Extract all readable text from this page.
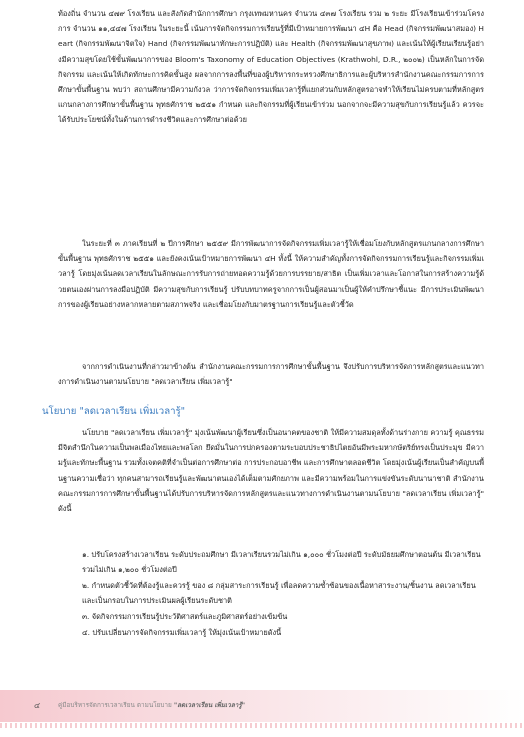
ท้องถิ่น จำนวน ๔๗๙ โรงเรียน และสังกัดสำนักการศึกษา กรุงเทพมหานคร จำนวน ๔๓๗ โรงเรียน รวม ๒ ระยะ มีโรงเรียนเข้าร่วมโครงการ จำนวน ๑๑,๔๔๗ โรงเรียน ในระยะนี้ เน้นการจัดกิจกรรมการเรียนรู้ที่มีเป้าหมายการพัฒนา ๔H คือ Head (กิจกรรมพัฒนาสมอง) Heart (กิจกรรมพัฒนาจิตใจ) Hand (กิจกรรมพัฒนาทักษะการปฏิบัติ) และ Health (กิจกรรมพัฒนาสุขภาพ) และเน้นให้ผู้เรียนเรียนรู้อย่างมีความสุขโดยใช้ขั้นพัฒนาการของ Bloom's Taxonomy of Education Objectives (Krathwohl, D.R., ๒๐๐๒) เป็นหลักในการจัดกิจกรรม และเน้นให้เกิดทักษะการคิดขั้นสูง ผลจากการลงพื้นที่ของผู้บริหารกระทรวงศึกษาธิการและผู้บริหารสำนักงานคณะกรรมการการศึกษาขั้นพื้นฐาน พบว่า สถานศึกษามีความกังวล ว่าการจัดกิจกรรมเพิ่มเวลารู้ที่แยกส่วนกับหลักสูตรอาจทำให้เรียนไม่ครบตามที่หลักสูตรแกนกลางการศึกษาขั้นพื้นฐาน พุทธศักราช ๒๕๕๑ กำหนด และกิจกรรมที่ผู้เรียนเข้าร่วม นอกจากจะมีความสุขกับการเรียนรู้แล้ว ควรจะได้รับประโยชน์ทั้งในด้านการดำรงชีวิตและการศึกษาต่อด้วย
ในระยะที่ ๓ ภาคเรียนที่ ๒ ปีการศึกษา ๒๕๕๙ มีการพัฒนาการจัดกิจกรรมเพิ่มเวลารู้ให้เชื่อมโยงกับหลักสูตรแกนกลางการศึกษาขั้นพื้นฐาน พุทธศักราช ๒๕๕๑ และยังคงเน้นเป้าหมายการพัฒนา ๔H ทั้งนี้ ให้ความสำคัญทั้งการจัดกิจกรรมการเรียนรู้และกิจกรรมเพิ่มเวลารู้ โดยมุ่งเน้นลดเวลาเรียนในลักษณะการรับการถ่ายทอดความรู้ด้วยการบรรยาย/สาธิต เป็นเพิ่มเวลาและโอกาสในการสร้างความรู้ด้วยตนเองผ่านการลงมือปฏิบัติ มีความสุขกับการเรียนรู้ ปรับบทบาทครูจากการเป็นผู้สอนมาเป็นผู้ให้คำปรึกษาชี้แนะ มีการประเมินพัฒนาการของผู้เรียนอย่างหลากหลายตามสภาพจริง และเชื่อมโยงกับมาตรฐานการเรียนรู้และตัวชี้วัด
จากการดำเนินงานที่กล่าวมาข้างต้น สำนักงานคณะกรรมการการศึกษาขั้นพื้นฐาน จึงปรับการบริหารจัดการหลักสูตรและแนวทางการดำเนินงานตามนโยบาย "ลดเวลาเรียน เพิ่มเวลารู้"
นโยบาย "ลดเวลาเรียน เพิ่มเวลารู้"
นโยบาย "ลดเวลาเรียน เพิ่มเวลารู้" มุ่งเน้นพัฒนาผู้เรียนซึ่งเป็นอนาคตของชาติ ให้มีความสมดุลทั้งด้านร่างกาย ความรู้ คุณธรรม มีจิตสำนึกในความเป็นพลเมืองไทยและพลโลก ยึดมั่นในการปกครองตามระบอบประชาธิปไตยอันมีพระมหากษัตริย์ทรงเป็นประมุข มีความรู้และทักษะพื้นฐาน รวมทั้งเจตคติที่จำเป็นต่อการศึกษาต่อ การประกอบอาชีพ และการศึกษาตลอดชีวิต โดยมุ่งเน้นผู้เรียนเป็นสำคัญบนพื้นฐานความเชื่อว่า ทุกคนสามารถเรียนรู้และพัฒนาตนเองได้เต็มตามศักยภาพ และมีความพร้อมในการแข่งขันระดับนานาชาติ สำนักงานคณะกรรมการการศึกษาขั้นพื้นฐานได้ปรับการบริหารจัดการหลักสูตรและแนวทางการดำเนินงานตามนโยบาย "ลดเวลาเรียน เพิ่มเวลารู้" ดังนี้
๑. ปรับโครงสร้างเวลาเรียน ระดับประถมศึกษา มีเวลาเรียนรวมไม่เกิน ๑,๐๐๐ ชั่วโมงต่อปี ระดับมัธยมศึกษาตอนต้น มีเวลาเรียนรวมไม่เกิน ๑,๒๐๐ ชั่วโมงต่อปี
๒. กำหนดตัวชี้วัดที่ต้องรู้และควรรู้ ของ ๘ กลุ่มสาระการเรียนรู้ เพื่อลดความซ้ำซ้อนของเนื้อหาสาระงาน/ชิ้นงาน ลดเวลาเรียน และเป็นกรอบในการประเมินผลผู้เรียนระดับชาติ
๓. จัดกิจกรรมการเรียนรู้ประวัติศาสตร์และภูมิศาสตร์อย่างเข้มข้น
๔. ปรับเปลี่ยนการจัดกิจกรรมเพิ่มเวลารู้ ให้มุ่งเน้นเป้าหมายดังนี้
๔	คู่มือบริหารจัดการเวลาเรียน ตามนโยบาย "ลดเวลาเรียน เพิ่มเวลารู้"
